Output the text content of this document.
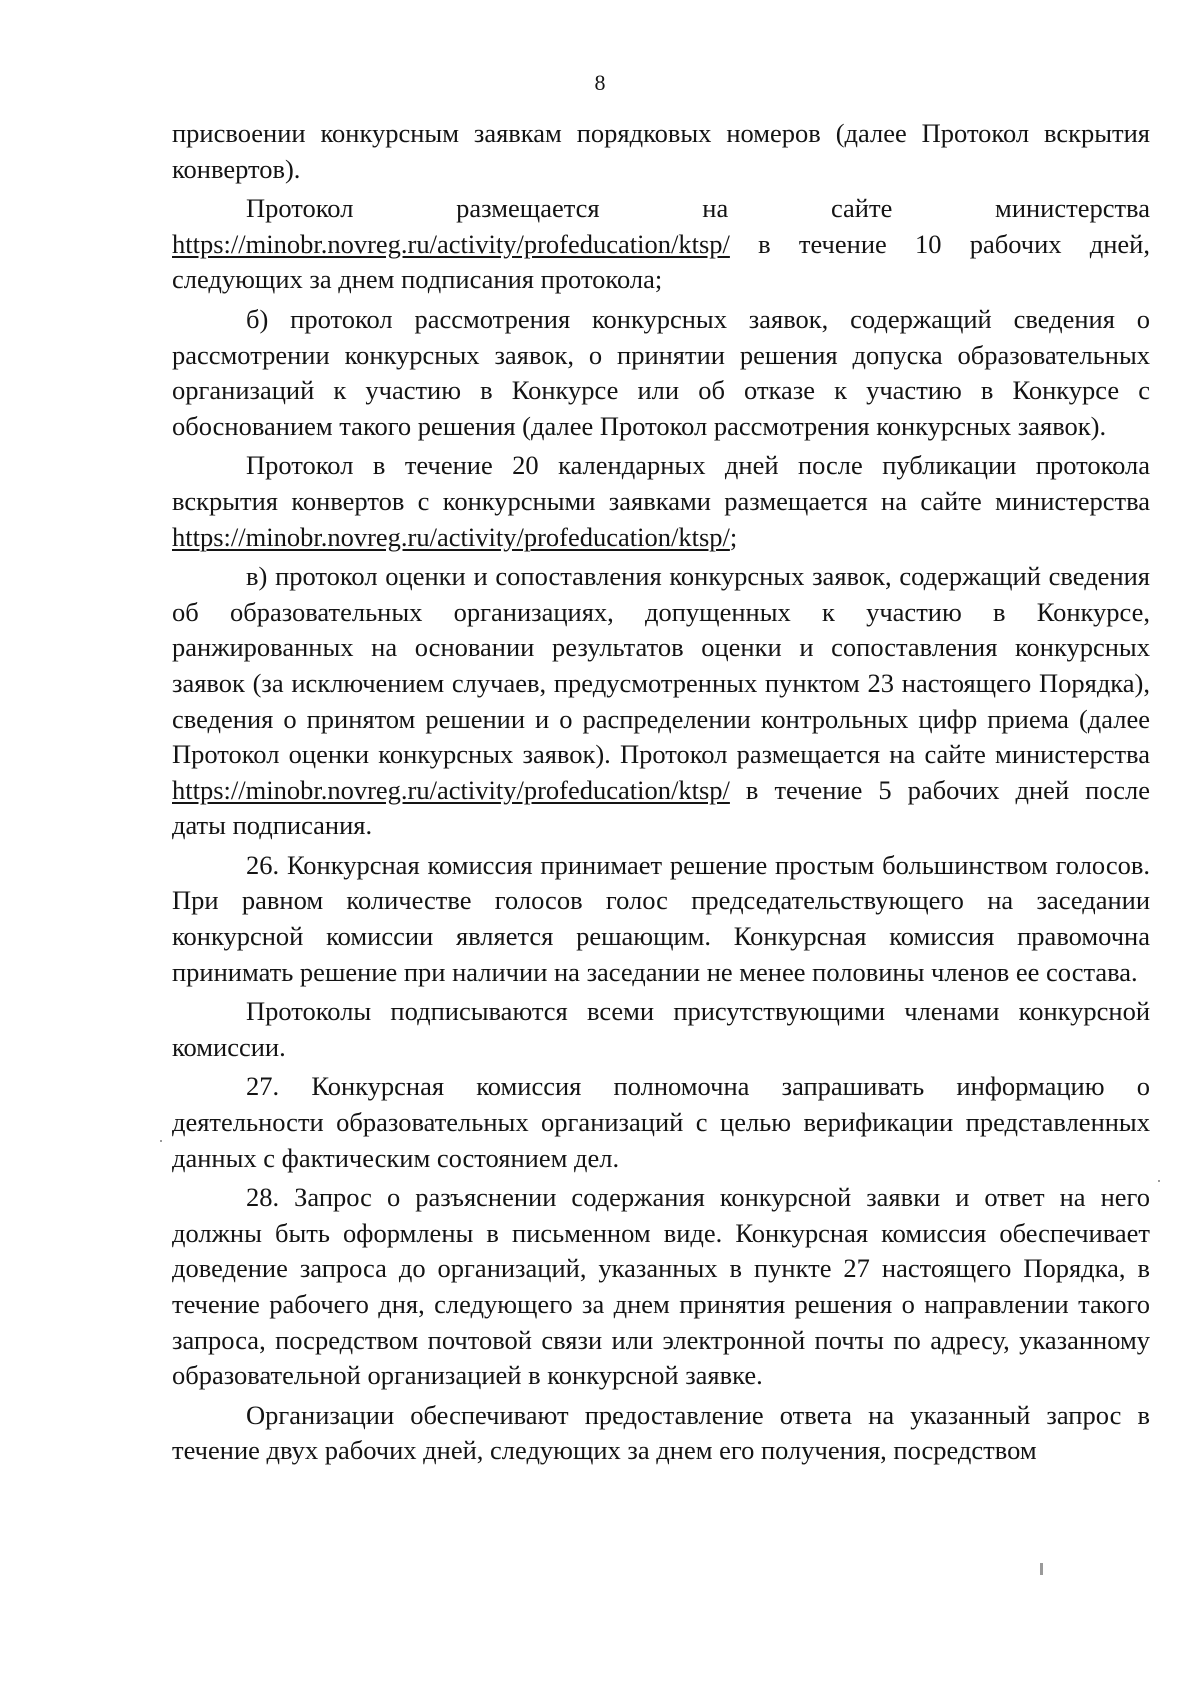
8

присвоении конкурсным заявкам порядковых номеров (далее Протокол вскрытия конвертов).

Протокол размещается на сайте министерства https://minobr.novreg.ru/activity/profeducation/ktsp/ в течение 10 рабочих дней, следующих за днем подписания протокола;

б) протокол рассмотрения конкурсных заявок, содержащий сведения о рассмотрении конкурсных заявок, о принятии решения допуска образовательных организаций к участию в Конкурсе или об отказе к участию в Конкурсе с обоснованием такого решения (далее Протокол рассмотрения конкурсных заявок).

Протокол в течение 20 календарных дней после публикации протокола вскрытия конвертов с конкурсными заявками размещается на сайте министерства https://minobr.novreg.ru/activity/profeducation/ktsp/;

в) протокол оценки и сопоставления конкурсных заявок, содержащий сведения об образовательных организациях, допущенных к участию в Конкурсе, ранжированных на основании результатов оценки и сопоставления конкурсных заявок (за исключением случаев, предусмотренных пунктом 23 настоящего Порядка), сведения о принятом решении и о распределении контрольных цифр приема (далее Протокол оценки конкурсных заявок). Протокол размещается на сайте министерства https://minobr.novreg.ru/activity/profeducation/ktsp/ в течение 5 рабочих дней после даты подписания.

26. Конкурсная комиссия принимает решение простым большинством голосов. При равном количестве голосов голос председательствующего на заседании конкурсной комиссии является решающим. Конкурсная комиссия правомочна принимать решение при наличии на заседании не менее половины членов ее состава.

Протоколы подписываются всеми присутствующими членами конкурсной комиссии.

27. Конкурсная комиссия полномочна запрашивать информацию о деятельности образовательных организаций с целью верификации представленных данных с фактическим состоянием дел.

28. Запрос о разъяснении содержания конкурсной заявки и ответ на него должны быть оформлены в письменном виде. Конкурсная комиссия обеспечивает доведение запроса до организаций, указанных в пункте 27 настоящего Порядка, в течение рабочего дня, следующего за днем принятия решения о направлении такого запроса, посредством почтовой связи или электронной почты по адресу, указанному образовательной организацией в конкурсной заявке.

Организации обеспечивают предоставление ответа на указанный запрос в течение двух рабочих дней, следующих за днем его получения, посредством
